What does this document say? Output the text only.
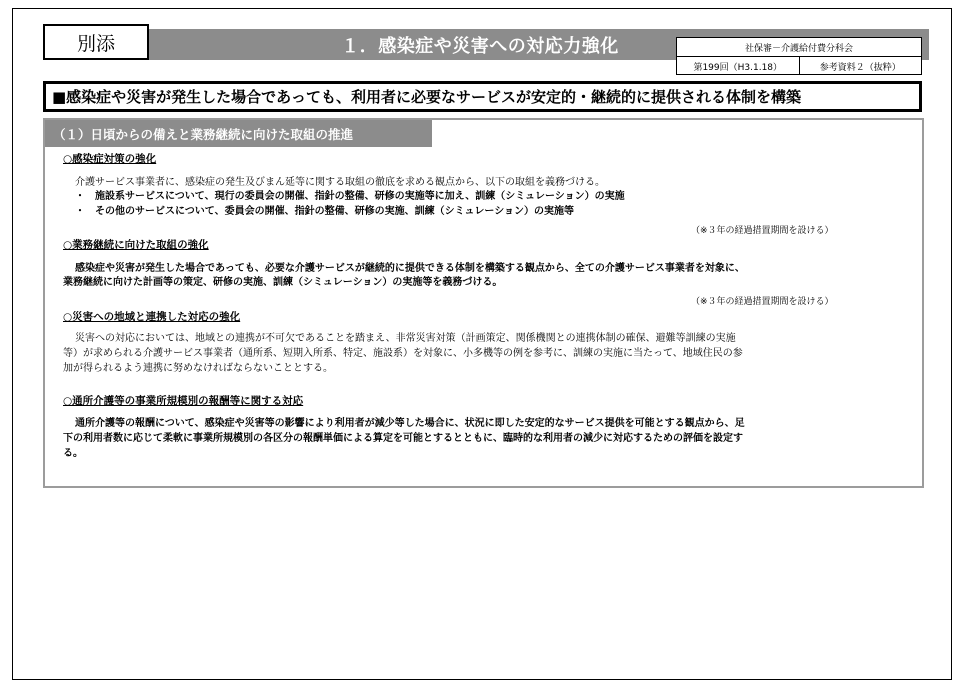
別添	１．感染症や災害への対応力強化	社保審－介護給付費分科会
第199回（H3.1.18）	参考資料２（抜粋）
■感染症や災害が発生した場合であっても、利用者に必要なサービスが安定的・継続的に提供される体制を構築
（１）日頃からの備えと業務継続に向けた取組の推進
○感染症対策の強化
介護サービス事業者に、感染症の発生及びまん延等に関する取組の徹底を求める観点から、以下の取組を義務づける。
・　施設系サービスについて、現行の委員会の開催、指針の整備、研修の実施等に加え、訓練（シミュレーション）の実施
・　その他のサービスについて、委員会の開催、指針の整備、研修の実施、訓練（シミュレーション）の実施等
（※３年の経過措置期間を設ける）
○業務継続に向けた取組の強化
感染症や災害が発生した場合であっても、必要な介護サービスが継続的に提供できる体制を構築する観点から、全ての介護サービス事業者を対象に、
業務継続に向けた計画等の策定、研修の実施、訓練（シミュレーション）の実施等を義務づける。
（※３年の経過措置期間を設ける）
○災害への地域と連携した対応の強化
災害への対応においては、地域との連携が不可欠であることを踏まえ、非常災害対策（計画策定、関係機関との連携体制の確保、避難等訓練の実施
等）が求められる介護サービス事業者（通所系、短期入所系、特定、施設系）を対象に、小多機等の例を参考に、訓練の実施に当たって、地域住民の参
加が得られるよう連携に努めなければならないこととする。
○通所介護等の事業所規模別の報酬等に関する対応
通所介護等の報酬について、感染症や災害等の影響により利用者が減少等した場合に、状況に即した安定的なサービス提供を可能とする観点から、足
下の利用者数に応じて柔軟に事業所規模別の各区分の報酬単価による算定を可能とするとともに、臨時的な利用者の減少に対応するための評価を設定す
る。
